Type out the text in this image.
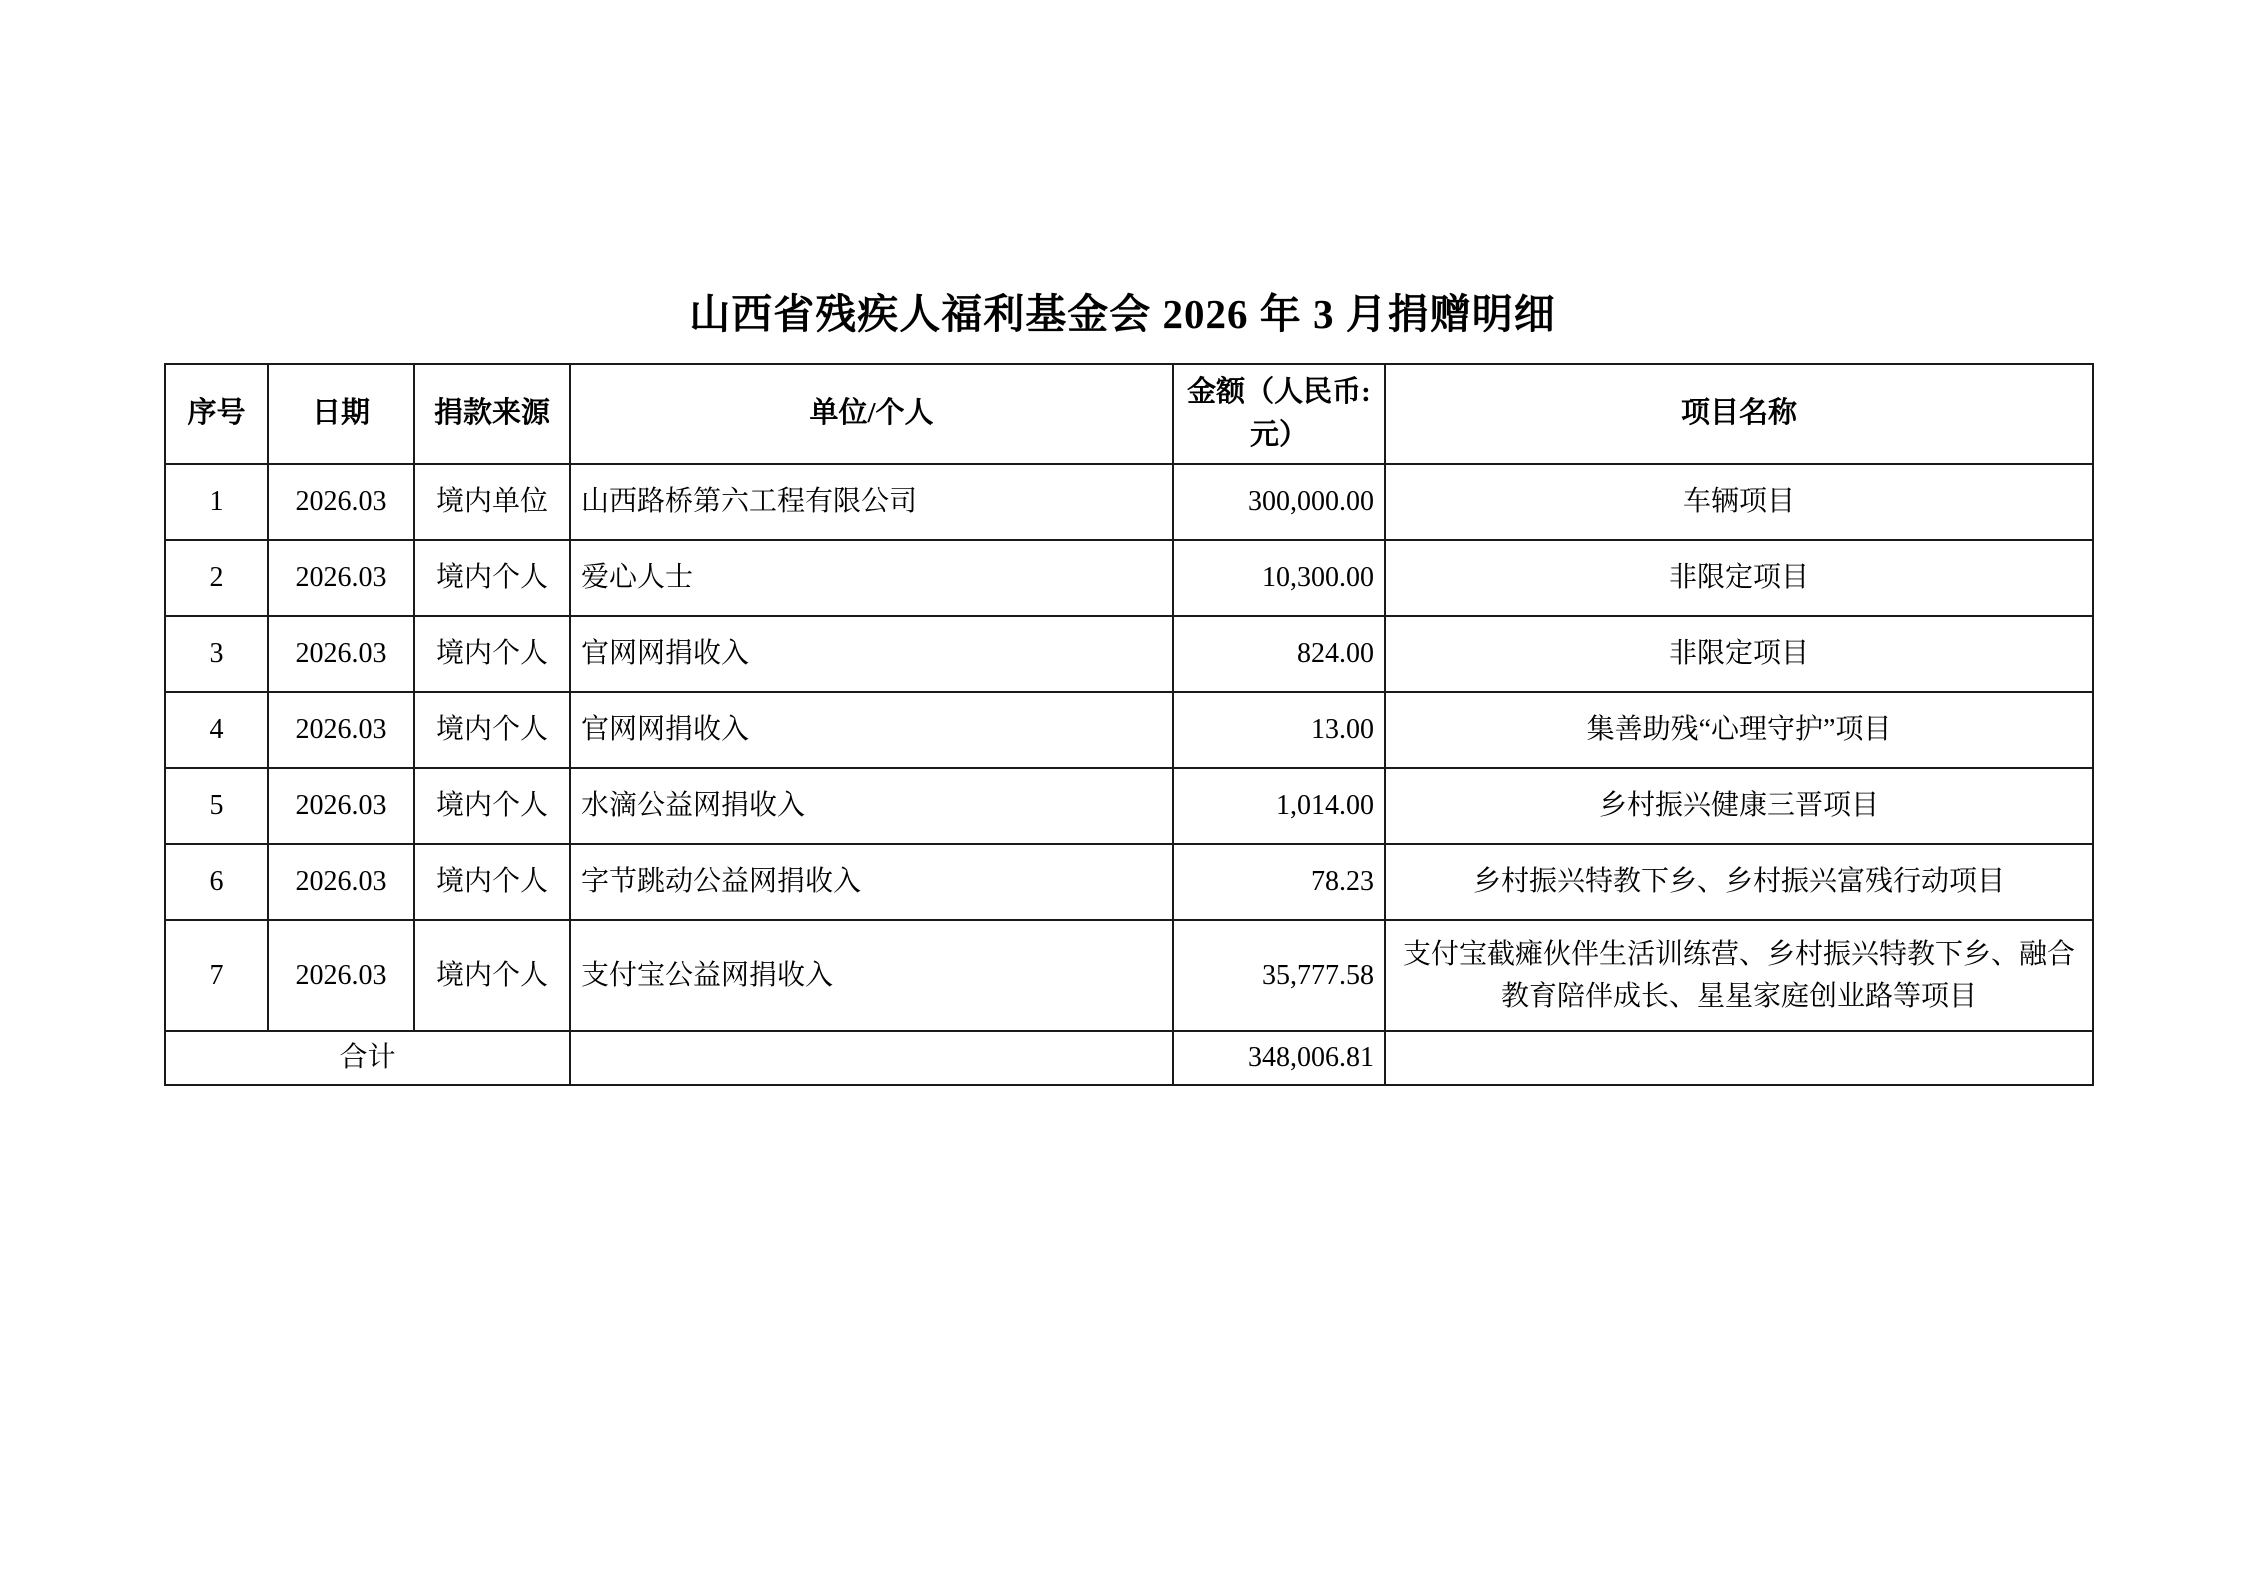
山西省残疾人福利基金会 2026 年 3 月捐赠明细
序号	日期	捐款来源	单位/个人	金额（人民币:元）	项目名称
1	2026.03	境内单位	山西路桥第六工程有限公司	300,000.00	车辆项目
2	2026.03	境内个人	爱心人士	10,300.00	非限定项目
3	2026.03	境内个人	官网网捐收入	824.00	非限定项目
4	2026.03	境内个人	官网网捐收入	13.00	集善助残“心理守护”项目
5	2026.03	境内个人	水滴公益网捐收入	1,014.00	乡村振兴健康三晋项目
6	2026.03	境内个人	字节跳动公益网捐收入	78.23	乡村振兴特教下乡、乡村振兴富残行动项目
7	2026.03	境内个人	支付宝公益网捐收入	35,777.58	支付宝截瘫伙伴生活训练营、乡村振兴特教下乡、融合教育陪伴成长、星星家庭创业路等项目
合计				348,006.81	
